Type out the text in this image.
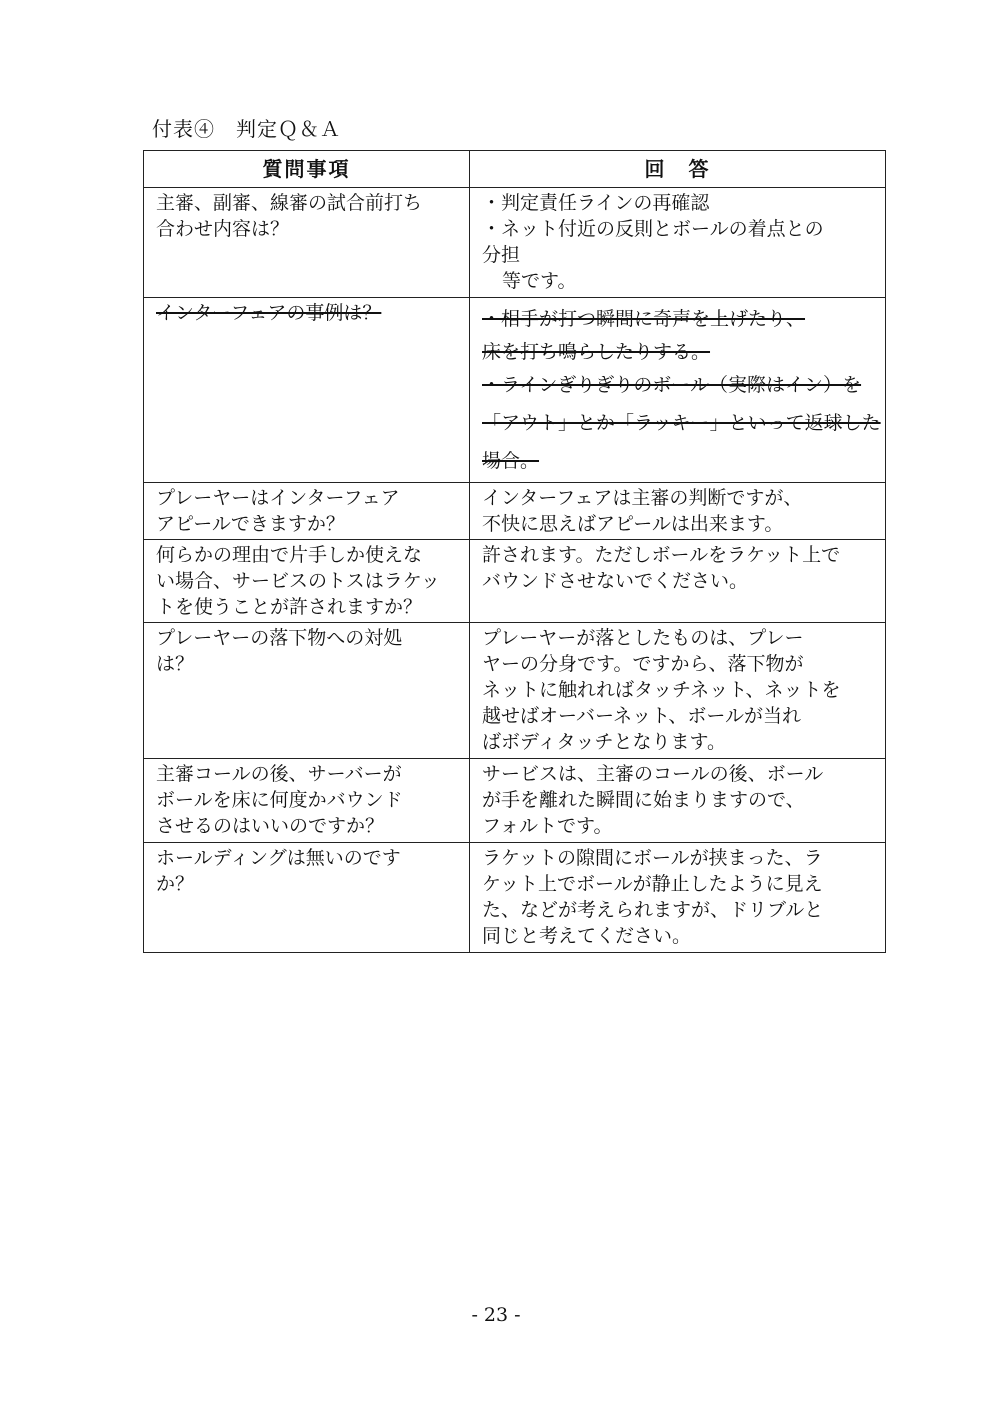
付表④　判定Ｑ＆Ａ
質問事項	回　答

主審、副審、線審の試合前打ち
合わせ内容は？	・判定責任ラインの再確認
・ネット付近の反則とボールの着点との
分担
等です。

インターフェアの事例は？	・相手が打つ瞬間に奇声を上げたり、
床を打ち鳴らしたりする。
・ラインぎりぎりのボール（実際はイン）を
「アウト」とか「ラッキー」といって返球した
場合。

プレーヤーはインターフェア
アピールできますか？	インターフェアは主審の判断ですが、
不快に思えばアピールは出来ます。

何らかの理由で片手しか使えな
い場合、サービスのトスはラケッ
トを使うことが許されますか？	許されます。ただしボールをラケット上で
バウンドさせないでください。

プレーヤーの落下物への対処
は？	プレーヤーが落としたものは、プレー
ヤーの分身です。ですから、落下物が
ネットに触れればタッチネット、ネットを
越せばオーバーネット、ボールが当れ
ばボディタッチとなります。

主審コールの後、サーバーが
ボールを床に何度かバウンド
させるのはいいのですか？	サービスは、主審のコールの後、ボール
が手を離れた瞬間に始まりますので、
フォルトです。

ホールディングは無いのです
か？	ラケットの隙間にボールが挟まった、ラ
ケット上でボールが静止したように見え
た、などが考えられますが、ドリブルと
同じと考えてください。
- 23 -
